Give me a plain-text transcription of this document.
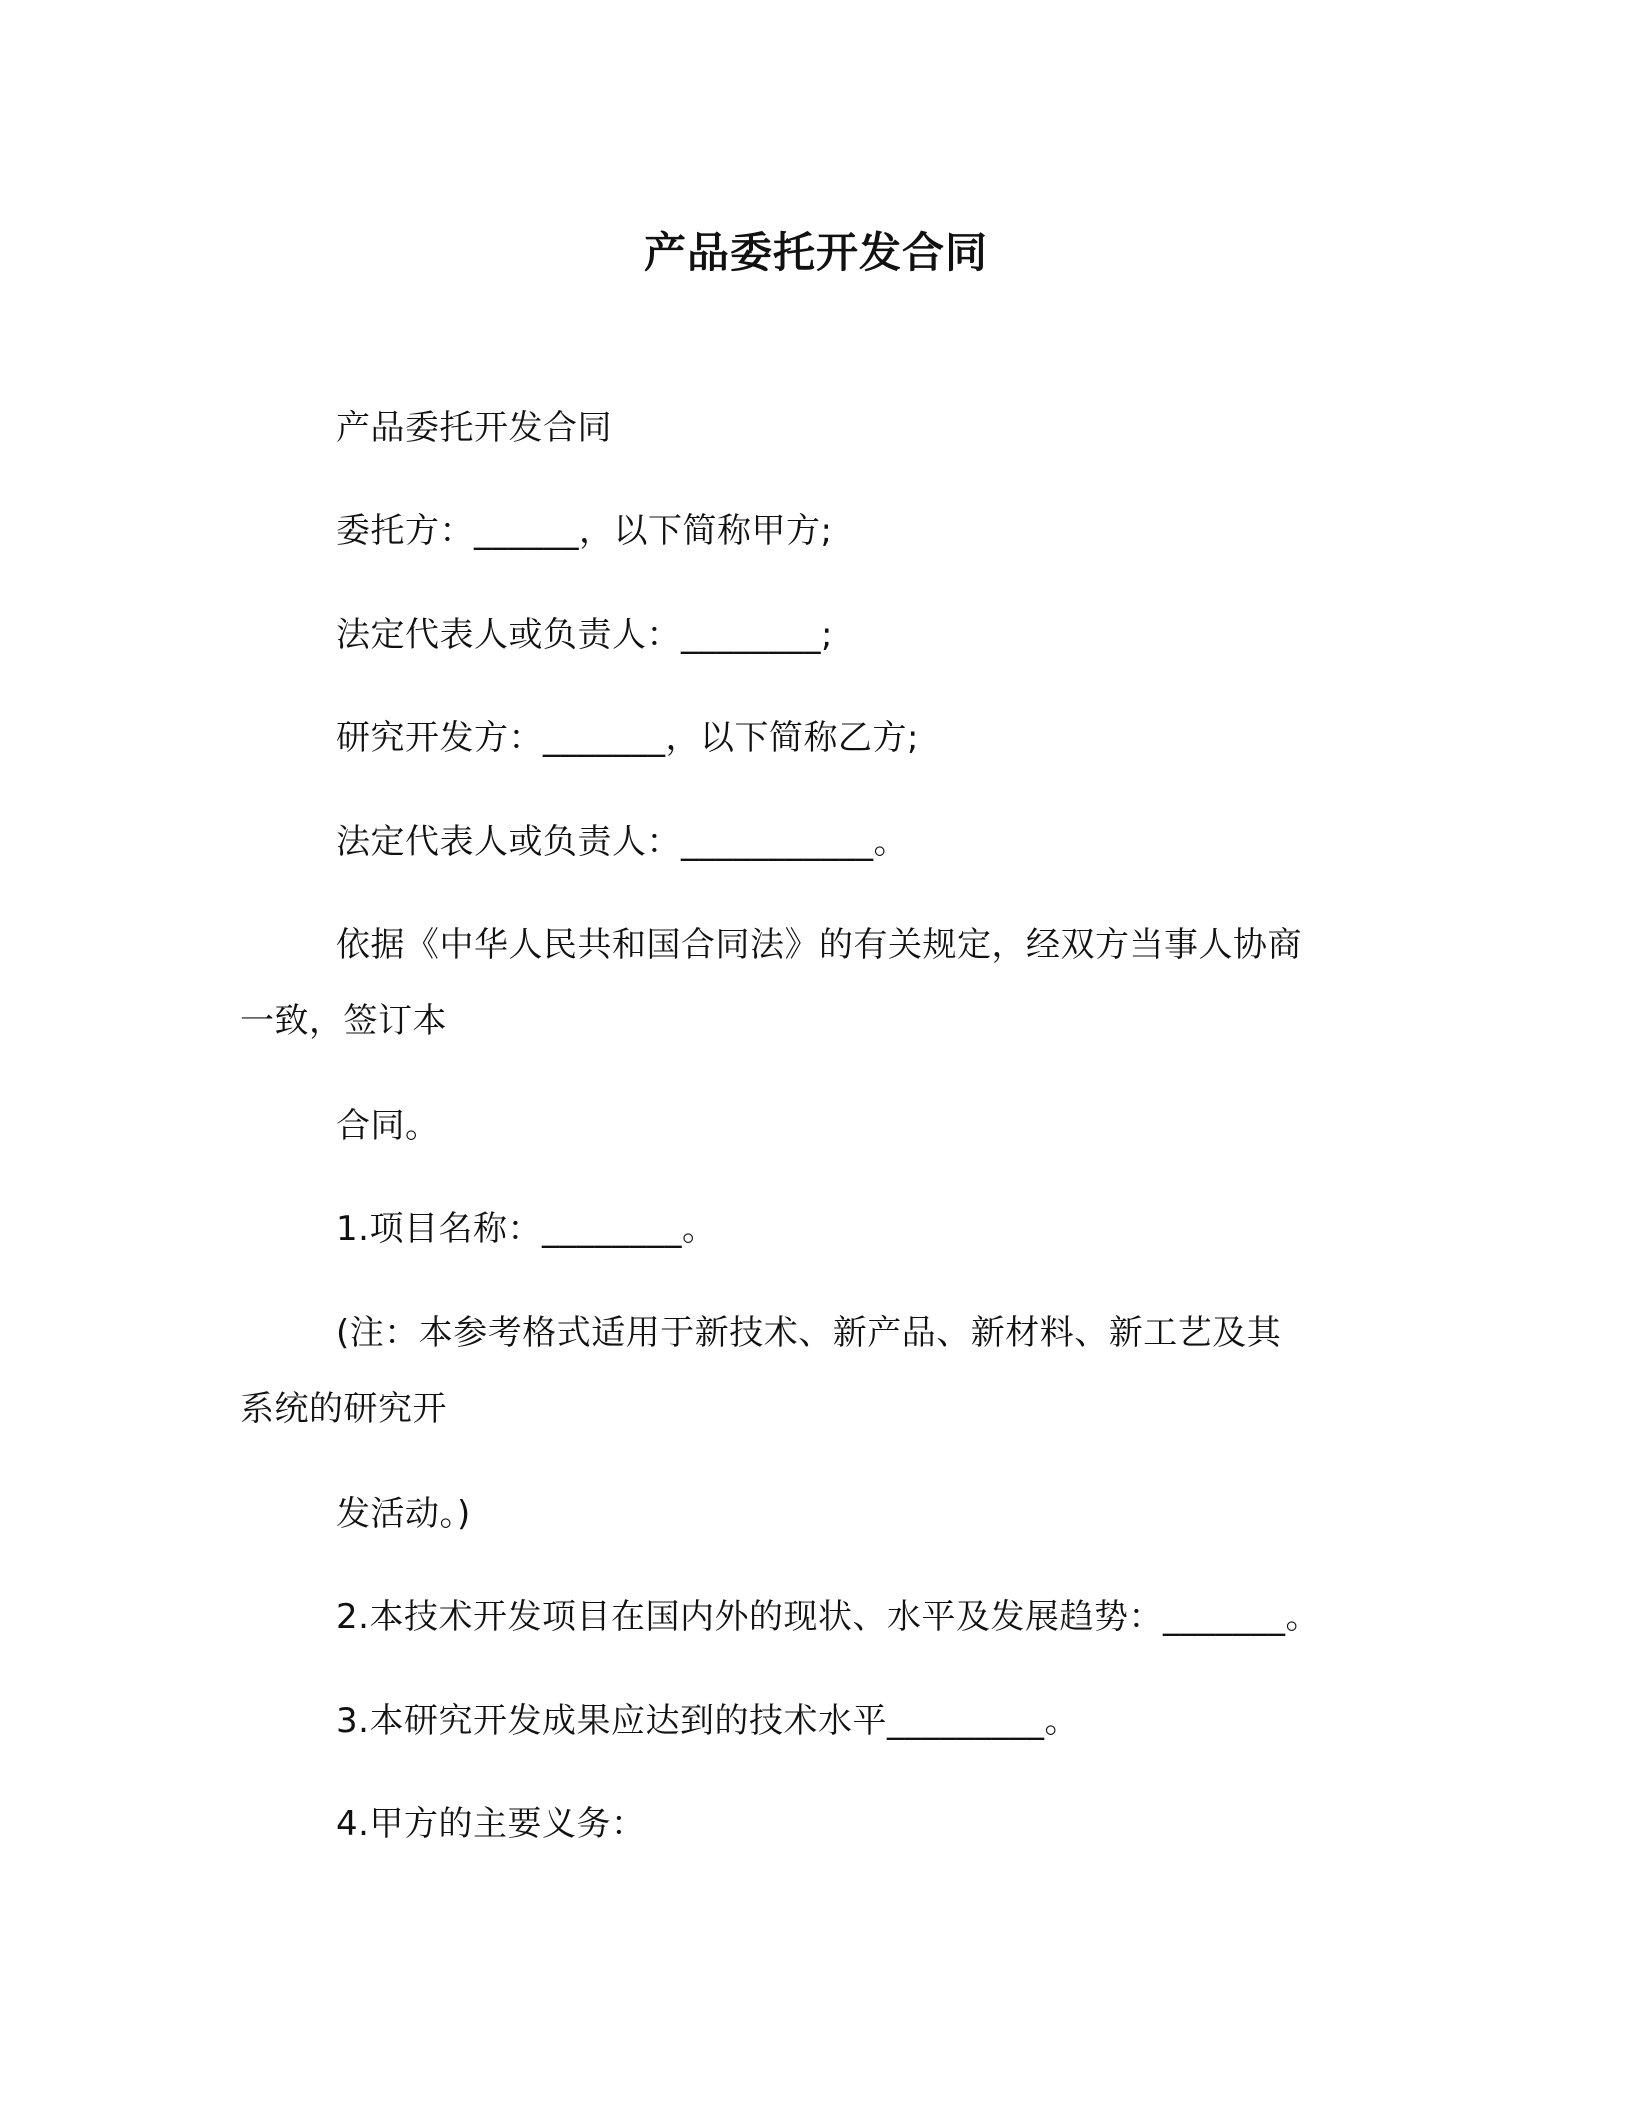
产品委托开发合同
产品委托开发合同
委托方：______，以下简称甲方;
法定代表人或负责人：________;
研究开发方：_______，以下简称乙方;
法定代表人或负责人：___________。
依据《中华人民共和国合同法》的有关规定，经双方当事人协商
一致，签订本
合同。
1.项目名称：________。
(注：本参考格式适用于新技术、新产品、新材料、新工艺及其
系统的研究开
发活动。)
2.本技术开发项目在国内外的现状、水平及发展趋势：_______。
3.本研究开发成果应达到的技术水平_________。
4.甲方的主要义务：
